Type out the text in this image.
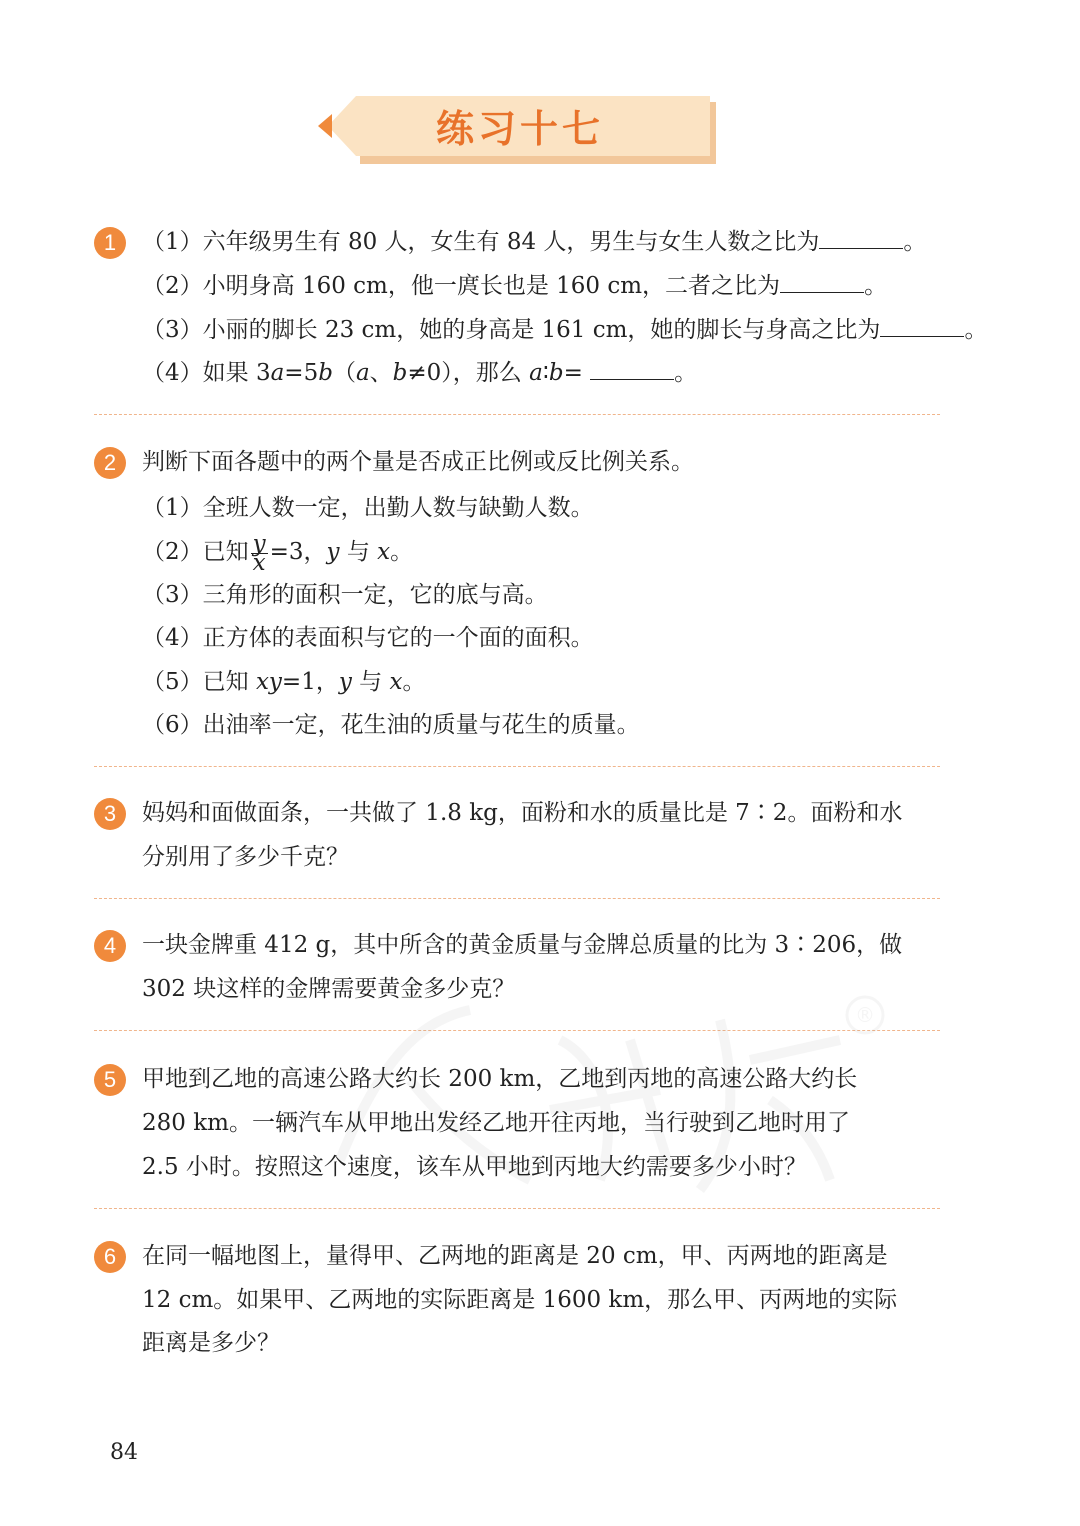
练习十七
1	（1）六年级男生有 80 人，女生有 84 人，男生与女生人数之比为	。
（2）小明身高 160 cm，他一庹长也是 160 cm，二者之比为	。
（3）小丽的脚长 23 cm，她的身高是 161 cm，她的脚长与身高之比为	。
（4）如果 3a=5b（a、b≠0），那么 a∶b=	。
2	判断下面各题中的两个量是否成正比例或反比例关系。
（1）全班人数一定，出勤人数与缺勤人数。
（2）已知 $\frac{y}{x} =3$，y 与 x。
（3）三角形的面积一定，它的底与高。
（4）正方体的表面积与它的一个面的面积。
（5）已知 xy=1，y 与 x。
（6）出油率一定，花生油的质量与花生的质量。
3	妈妈和面做面条，一共做了 1.8 kg，面粉和水的质量比是 7∶2。面粉和水
分别用了多少千克？
4	一块金牌重 412 g，其中所含的黄金质量与金牌总质量的比为 3∶206，做
302 块这样的金牌需要黄金多少克？
®
5	甲地到乙地的高速公路大约长 200 km，乙地到丙地的高速公路大约长
280 km。一辆汽车从甲地出发经乙地开往丙地，当行驶到乙地时用了
2.5 小时。按照这个速度，该车从甲地到丙地大约需要多少小时？
6	在同一幅地图上，量得甲、乙两地的距离是 20 cm，甲、丙两地的距离是
12 cm。如果甲、乙两地的实际距离是 1600 km，那么甲、丙两地的实际
距离是多少？
84
